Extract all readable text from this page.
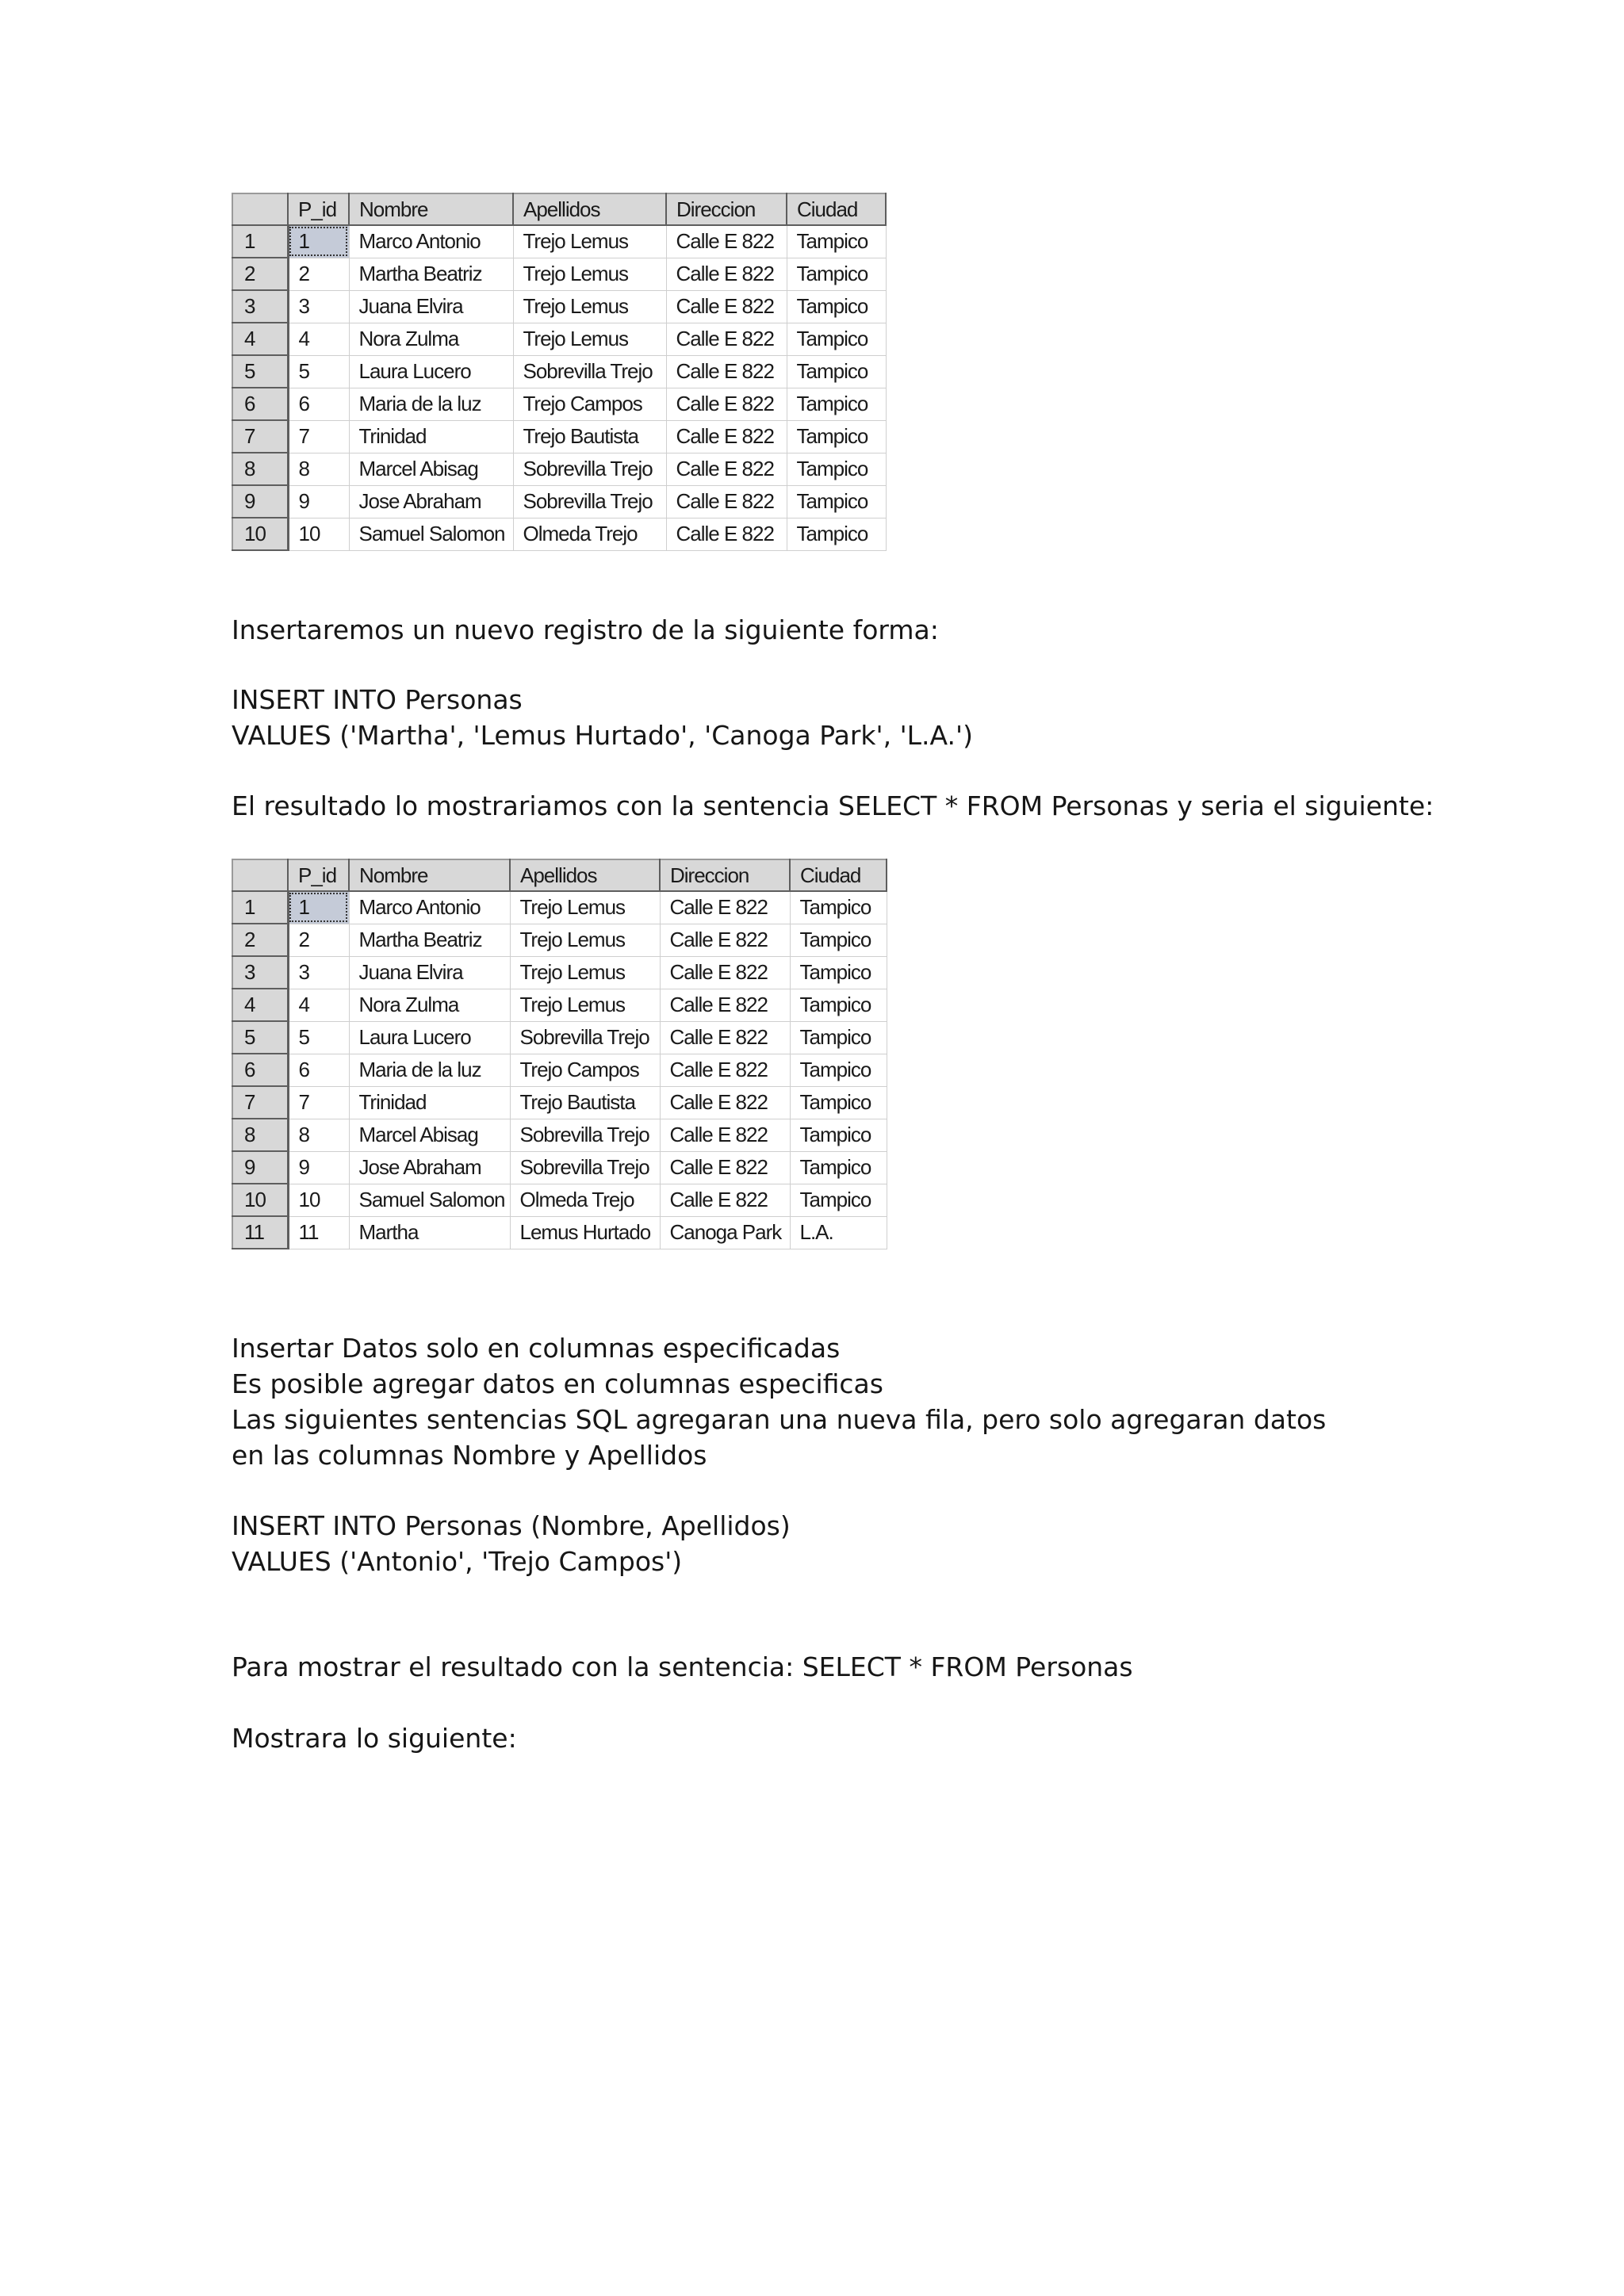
	P_id	Nombre	Apellidos	Direccion	Ciudad
1	1	Marco Antonio	Trejo Lemus	Calle E 822	Tampico
2	2	Martha Beatriz	Trejo Lemus	Calle E 822	Tampico
3	3	Juana Elvira	Trejo Lemus	Calle E 822	Tampico
4	4	Nora Zulma	Trejo Lemus	Calle E 822	Tampico
5	5	Laura Lucero	Sobrevilla Trejo	Calle E 822	Tampico
6	6	Maria de la luz	Trejo Campos	Calle E 822	Tampico
7	7	Trinidad	Trejo Bautista	Calle E 822	Tampico
8	8	Marcel Abisag	Sobrevilla Trejo	Calle E 822	Tampico
9	9	Jose Abraham	Sobrevilla Trejo	Calle E 822	Tampico
10	10	Samuel Salomon	Olmeda Trejo	Calle E 822	Tampico

Insertaremos un nuevo registro de la siguiente forma:

INSERT INTO Personas
VALUES ('Martha', 'Lemus Hurtado', 'Canoga Park', 'L.A.')

El resultado lo mostrariamos con la sentencia SELECT * FROM Personas y seria el siguiente:

	P_id	Nombre	Apellidos	Direccion	Ciudad
1	1	Marco Antonio	Trejo Lemus	Calle E 822	Tampico
2	2	Martha Beatriz	Trejo Lemus	Calle E 822	Tampico
3	3	Juana Elvira	Trejo Lemus	Calle E 822	Tampico
4	4	Nora Zulma	Trejo Lemus	Calle E 822	Tampico
5	5	Laura Lucero	Sobrevilla Trejo	Calle E 822	Tampico
6	6	Maria de la luz	Trejo Campos	Calle E 822	Tampico
7	7	Trinidad	Trejo Bautista	Calle E 822	Tampico
8	8	Marcel Abisag	Sobrevilla Trejo	Calle E 822	Tampico
9	9	Jose Abraham	Sobrevilla Trejo	Calle E 822	Tampico
10	10	Samuel Salomon	Olmeda Trejo	Calle E 822	Tampico
11	11	Martha	Lemus Hurtado	Canoga Park	L.A.

Insertar Datos solo en columnas especificadas
Es posible agregar datos en columnas especificas

Las siguientes sentencias SQL agregaran una nueva fila, pero solo agregaran datos en las columnas Nombre y Apellidos

INSERT INTO Personas (Nombre, Apellidos)
VALUES ('Antonio', 'Trejo Campos')

Para mostrar el resultado con la sentencia: SELECT * FROM Personas

Mostrara lo siguiente:
